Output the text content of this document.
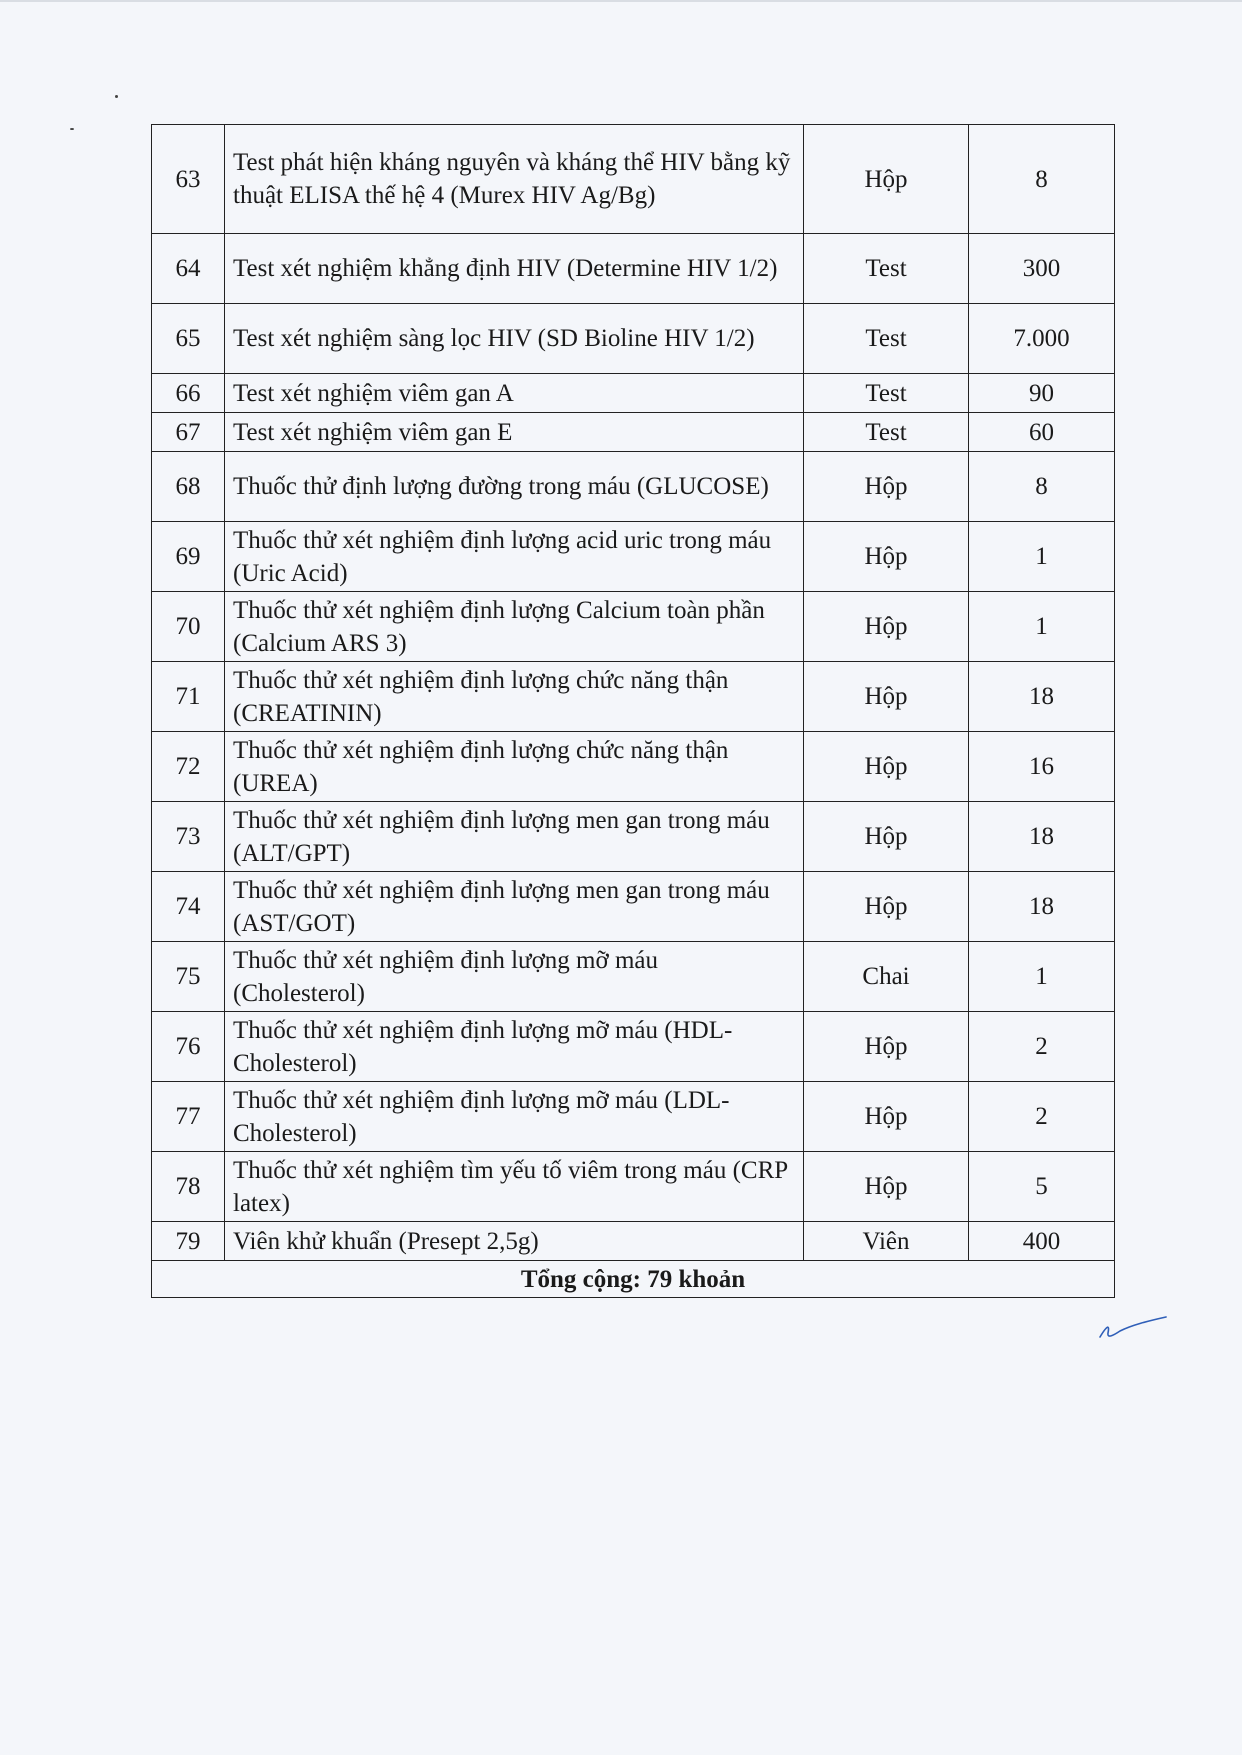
63	Test phát hiện kháng nguyên và kháng thể HIV bằng kỹ thuật ELISA thế hệ 4 (Murex HIV Ag/Bg)	Hộp	8
64	Test xét nghiệm khẳng định HIV (Determine HIV 1/2)	Test	300
65	Test xét nghiệm sàng lọc HIV (SD Bioline HIV 1/2)	Test	7.000
66	Test xét nghiệm viêm gan A	Test	90
67	Test xét nghiệm viêm gan E	Test	60
68	Thuốc thử định lượng đường trong máu (GLUCOSE)	Hộp	8
69	Thuốc thử xét nghiệm định lượng acid uric trong máu (Uric Acid)	Hộp	1
70	Thuốc thử xét nghiệm định lượng Calcium toàn phần (Calcium ARS 3)	Hộp	1
71	Thuốc thử xét nghiệm định lượng chức năng thận (CREATININ)	Hộp	18
72	Thuốc thử xét nghiệm định lượng chức năng thận (UREA)	Hộp	16
73	Thuốc thử xét nghiệm định lượng men gan trong máu (ALT/GPT)	Hộp	18
74	Thuốc thử xét nghiệm định lượng men gan trong máu (AST/GOT)	Hộp	18
75	Thuốc thử xét nghiệm định lượng mỡ máu (Cholesterol)	Chai	1
76	Thuốc thử xét nghiệm định lượng mỡ máu (HDL-Cholesterol)	Hộp	2
77	Thuốc thử xét nghiệm định lượng mỡ máu (LDL-Cholesterol)	Hộp	2
78	Thuốc thử xét nghiệm tìm yếu tố viêm trong máu (CRP latex)	Hộp	5
79	Viên khử khuẩn (Presept 2,5g)	Viên	400
Tổng cộng: 79 khoản			
